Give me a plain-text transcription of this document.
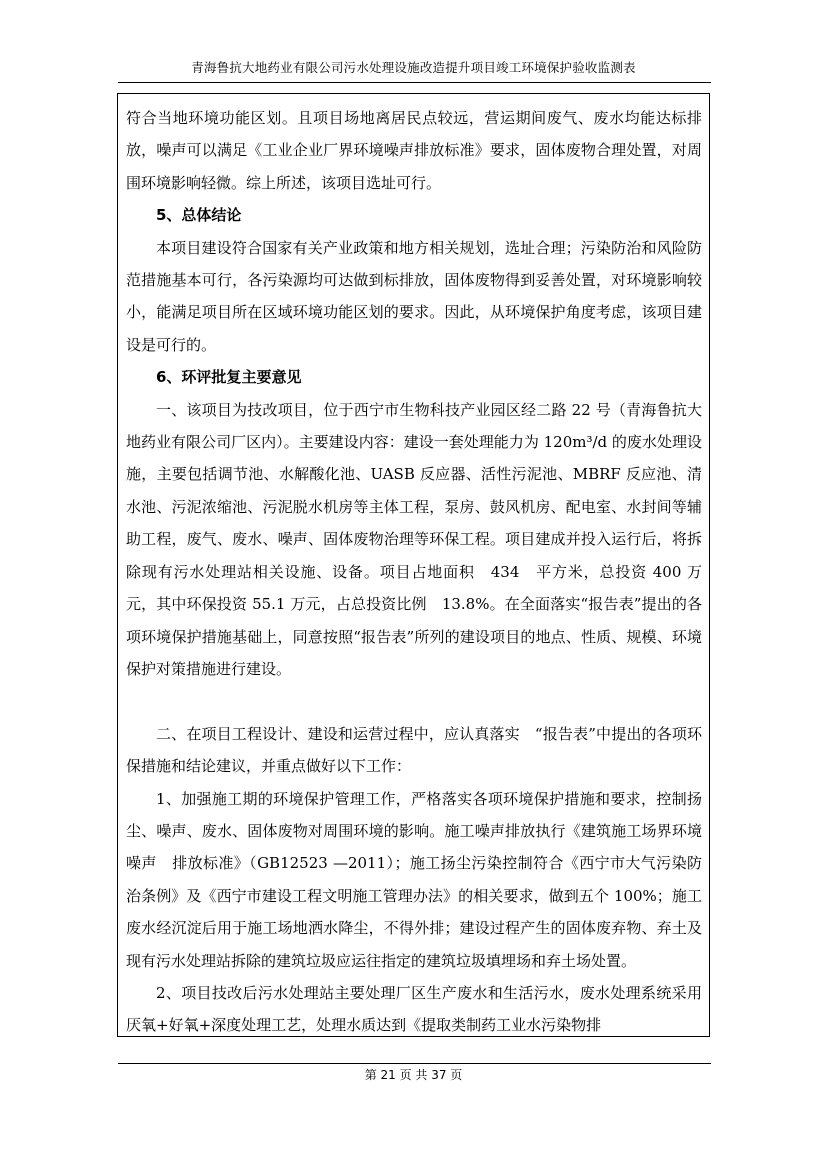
青海鲁抗大地药业有限公司污水处理设施改造提升项目竣工环境保护验收监测表

符合当地环境功能区划。且项目场地离居民点较远，营运期间废气、废水均能达标排放，噪声可以满足《工业企业厂界环境噪声排放标准》要求，固体废物合理处置，对周围环境影响轻微。综上所述，该项目选址可行。

5、总体结论

本项目建设符合国家有关产业政策和地方相关规划，选址合理；污染防治和风险防范措施基本可行，各污染源均可达做到标排放，固体废物得到妥善处置，对环境影响较小，能满足项目所在区域环境功能区划的要求。因此，从环境保护角度考虑，该项目建设是可行的。

6、环评批复主要意见

一、该项目为技改项目，位于西宁市生物科技产业园区经二路 22 号（青海鲁抗大地药业有限公司厂区内）。主要建设内容：建设一套处理能力为 120m³/d 的废水处理设施，主要包括调节池、水解酸化池、UASB 反应器、活性污泥池、MBRF 反应池、清水池、污泥浓缩池、污泥脱水机房等主体工程，泵房、鼓风机房、配电室、水封间等辅助工程，废气、废水、噪声、固体废物治理等环保工程。项目建成并投入运行后，将拆除现有污水处理站相关设施、设备。项目占地面积　434　平方米，总投资 400 万元，其中环保投资 55.1 万元，占总投资比例　13.8%。在全面落实“报告表”提出的各项环境保护措施基础上，同意按照“报告表”所列的建设项目的地点、性质、规模、环境保护对策措施进行建设。

二、在项目工程设计、建设和运营过程中，应认真落实　“报告表”中提出的各项环保措施和结论建议，并重点做好以下工作：

1、加强施工期的环境保护管理工作，严格落实各项环境保护措施和要求，控制扬尘、噪声、废水、固体废物对周围环境的影响。施工噪声排放执行《建筑施工场界环境噪声　排放标准》（GB12523 —2011）；施工扬尘污染控制符合《西宁市大气污染防治条例》及《西宁市建设工程文明施工管理办法》的相关要求，做到五个 100%；施工废水经沉淀后用于施工场地洒水降尘，不得外排；建设过程产生的固体废弃物、弃土及现有污水处理站拆除的建筑垃圾应运往指定的建筑垃圾填埋场和弃土场处置。

2、项目技改后污水处理站主要处理厂区生产废水和生活污水，废水处理系统采用厌氧+好氧+深度处理工艺，处理水质达到《提取类制药工业水污染物排

第 21 页 共 37 页
